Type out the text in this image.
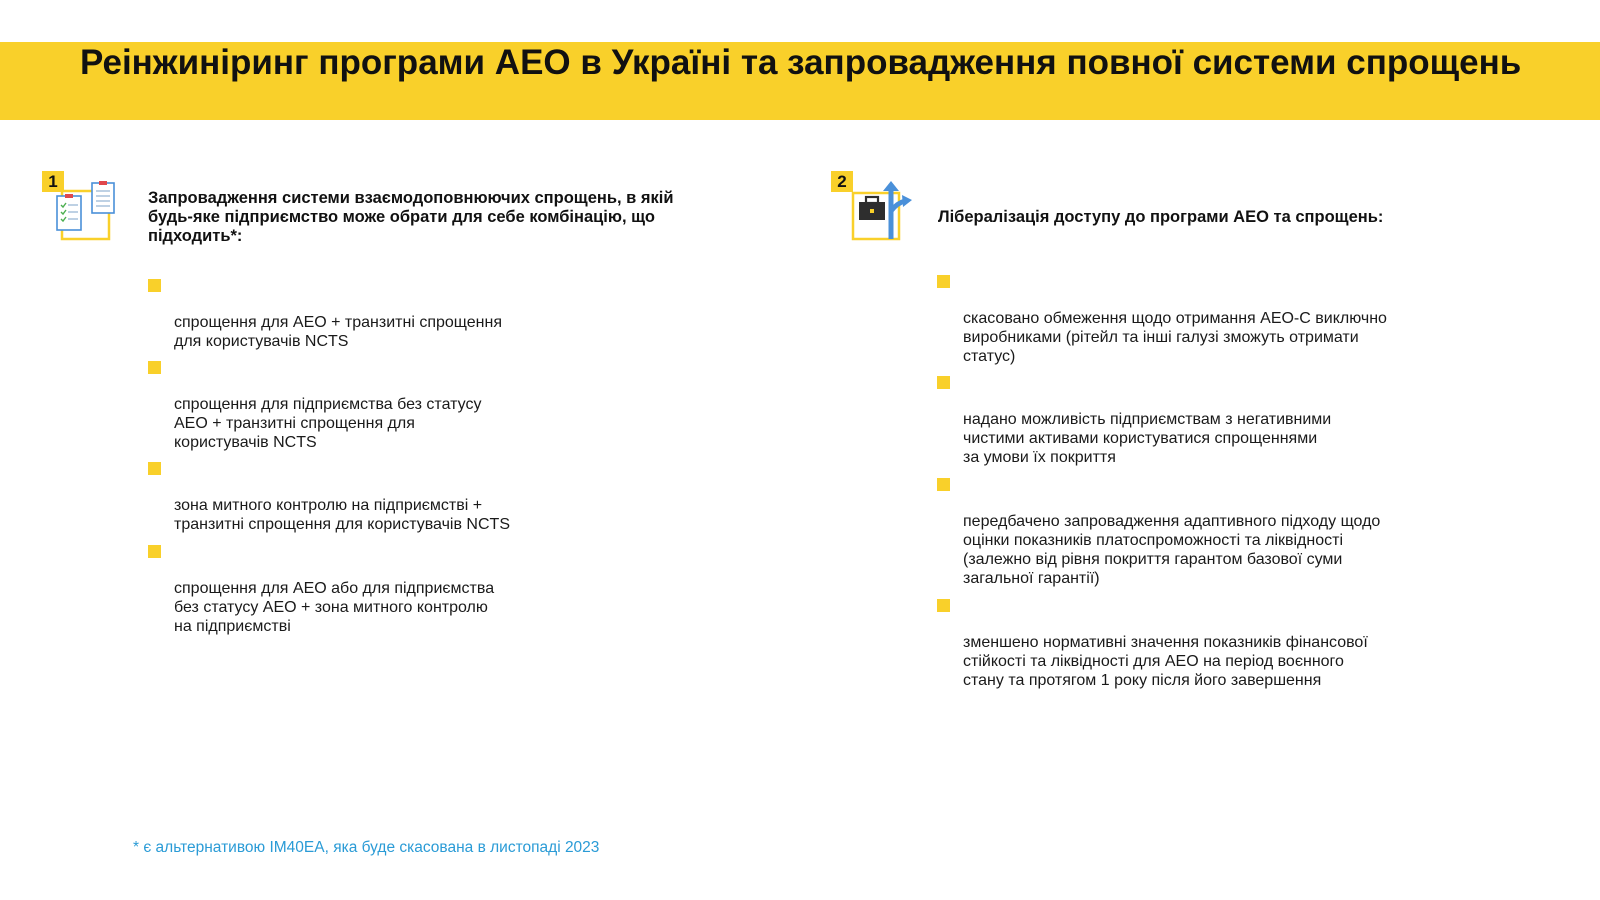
Реінжиніринг програми АЕО в Україні та запровадження повної системи спрощень
1

Запровадження системи взаємодоповнюючих спрощень, в якій будь-яке підприємство може обрати для себе комбінацію, що підходить*:

спрощення для АЕО + транзитні спрощення
для користувачів NCTS

спрощення для підприємства без статусу
АЕО + транзитні спрощення для
користувачів NCTS

зона митного контролю на підприємстві +
транзитні спрощення для користувачів NCTS

спрощення для АЕО або для підприємства
без статусу АЕО + зона митного контролю
на підприємстві

2

Лібералізація доступу до програми АЕО та спрощень:

скасовано обмеження щодо отримання АЕО-С виключно
виробниками (рітейл та інші галузі зможуть отримати
статус)

надано можливість підприємствам з негативними
чистими активами користуватися спрощеннями
за умови їх покриття

передбачено запровадження адаптивного підходу щодо
оцінки показників платоспроможності та ліквідності
(залежно від рівня покриття гарантом базової суми
загальної гарантії)

зменшено нормативні значення показників фінансової
стійкості та ліквідності для АЕО на період воєнного
стану та протягом 1 року після його завершення

* є альтернативою ІМ40ЕА, яка буде скасована в листопаді 2023
